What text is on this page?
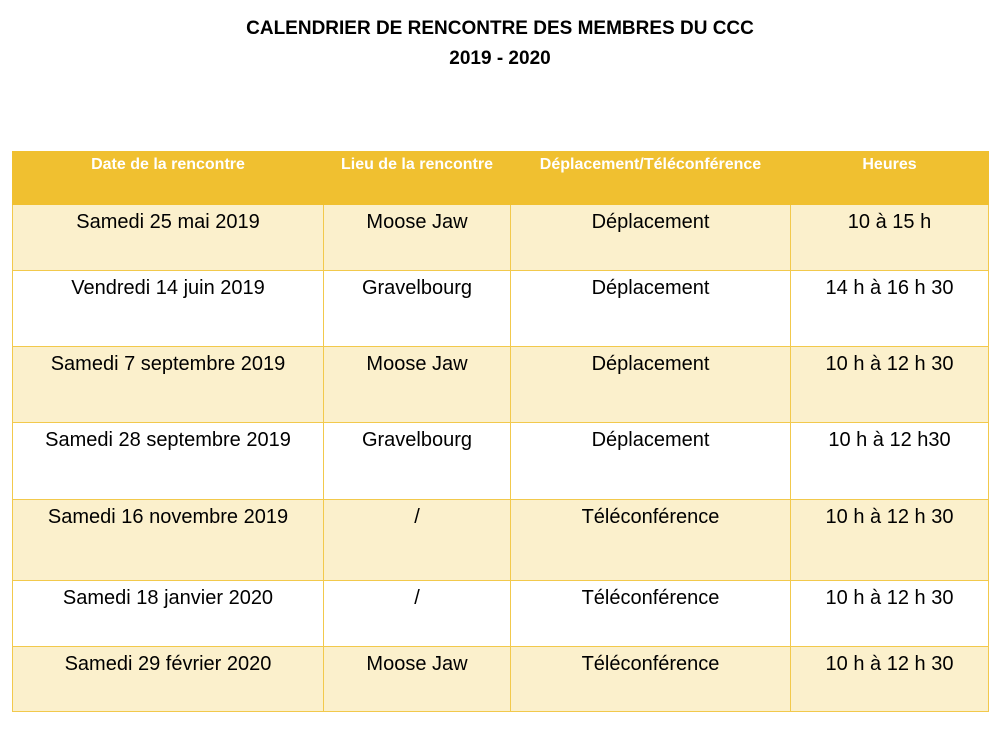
CALENDRIER DE RENCONTRE DES MEMBRES DU CCC
2019 - 2020
Date de la rencontre	Lieu de la rencontre	Déplacement/Téléconférence	Heures
Samedi 25 mai 2019	Moose Jaw	Déplacement	10 à 15 h
Vendredi 14 juin 2019	Gravelbourg	Déplacement	14 h à 16 h 30
Samedi 7 septembre 2019	Moose Jaw	Déplacement	10 h à 12 h 30
Samedi 28 septembre 2019	Gravelbourg	Déplacement	10 h à 12 h30
Samedi 16 novembre 2019	/	Téléconférence	10 h à 12 h 30
Samedi 18 janvier 2020	/	Téléconférence	10 h à 12 h 30
Samedi 29 février 2020	Moose Jaw	Téléconférence	10 h à 12 h 30
